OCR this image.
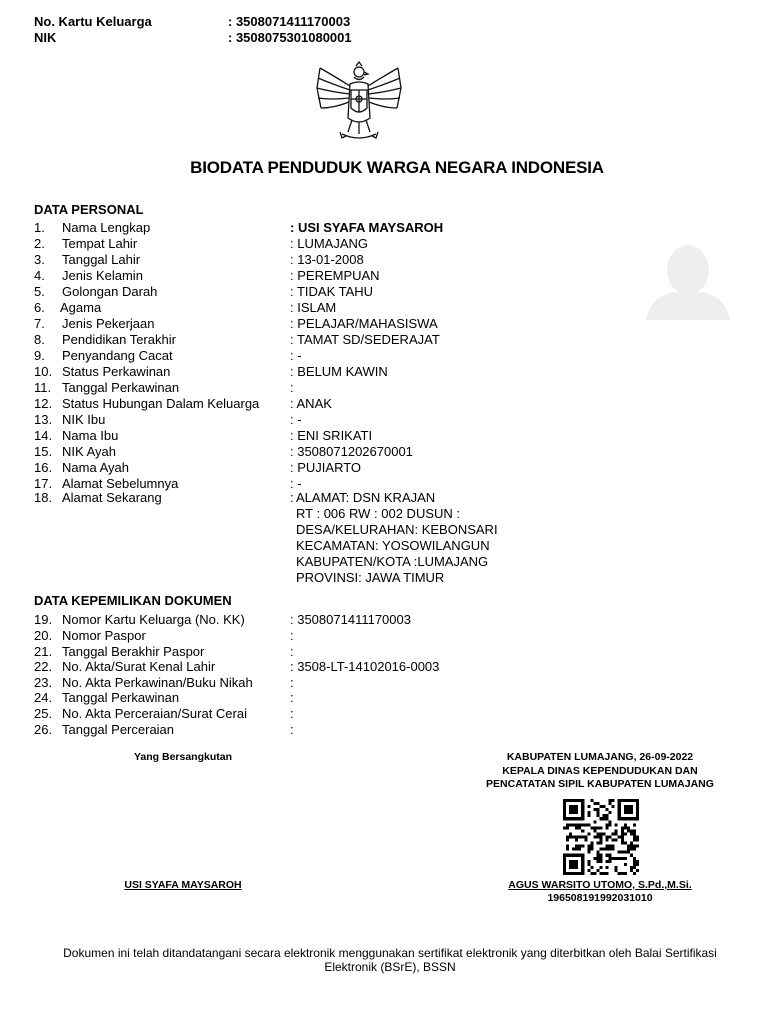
No. Kartu Keluarga	: 3508071411170003
NIK	: 3508075301080001
BIODATA PENDUDUK WARGA NEGARA INDONESIA
DATA PERSONAL
1. Nama Lengkap	: USI SYAFA MAYSAROH
2. Tempat Lahir	: LUMAJANG
3. Tanggal Lahir	: 13-01-2008
4. Jenis Kelamin	: PEREMPUAN
5. Golongan Darah	: TIDAK TAHU
6. Agama	: ISLAM
7. Jenis Pekerjaan	: PELAJAR/MAHASISWA
8. Pendidikan Terakhir	: TAMAT SD/SEDERAJAT
9. Penyandang Cacat	: -
10. Status Perkawinan	: BELUM KAWIN
11. Tanggal Perkawinan	:
12. Status Hubungan Dalam Keluarga : ANAK
13. NIK Ibu	: -
14. Nama Ibu	: ENI SRIKATI
15. NIK Ayah	: 3508071202670001
16. Nama Ayah	: PUJIARTO
17. Alamat Sebelumnya	: -
18. Alamat Sekarang	: ALAMAT: DSN KRAJAN
RT : 006 RW : 002 DUSUN :
DESA/KELURAHAN: KEBONSARI
KECAMATAN: YOSOWILANGUN
KABUPATEN/KOTA :LUMAJANG
PROVINSI: JAWA TIMUR
DATA KEPEMILIKAN DOKUMEN
19. Nomor Kartu Keluarga (No. KK)	: 3508071411170003
20. Nomor Paspor	:
21. Tanggal Berakhir Paspor	:
22. No. Akta/Surat Kenal Lahir	: 3508-LT-14102016-0003
23. No. Akta Perkawinan/Buku Nikah	:
24. Tanggal Perkawinan	:
25. No. Akta Perceraian/Surat Cerai	:
26. Tanggal Perceraian	:
Yang Bersangkutan
USI SYAFA MAYSAROH
KABUPATEN LUMAJANG, 26-09-2022
KEPALA DINAS KEPENDUDUKAN DAN
PENCATATAN SIPIL KABUPATEN LUMAJANG
AGUS WARSITO UTOMO, S.Pd.,M.Si.
196508191992031010
Dokumen ini telah ditandatangani secara elektronik menggunakan sertifikat elektronik yang diterbitkan oleh Balai Sertifikasi
Elektronik (BSrE), BSSN
